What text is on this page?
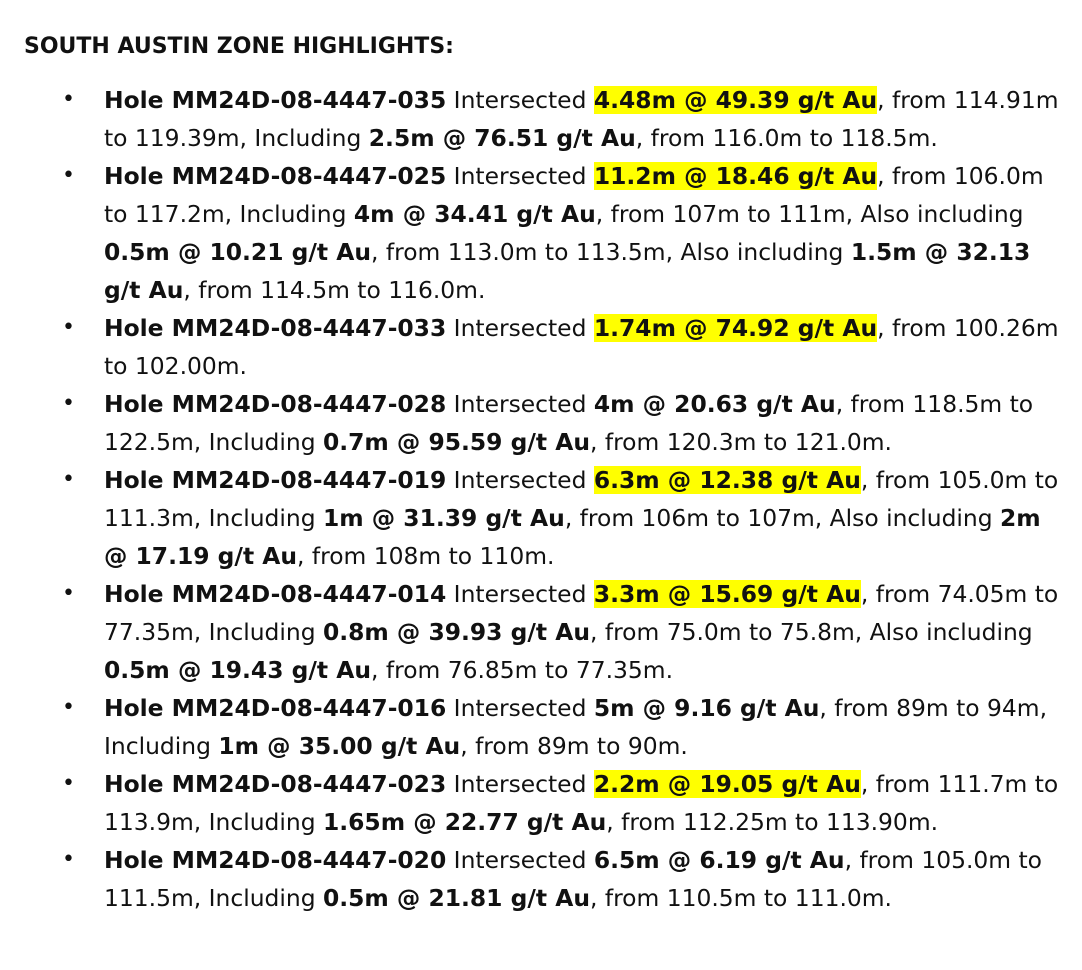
SOUTH AUSTIN ZONE HIGHLIGHTS:
• Hole MM24D-08-4447-035 Intersected 4.48m @ 49.39 g/t Au, from 114.91m to 119.39m, Including 2.5m @ 76.51 g/t Au, from 116.0m to 118.5m.
• Hole MM24D-08-4447-025 Intersected 11.2m @ 18.46 g/t Au, from 106.0m to 117.2m, Including 4m @ 34.41 g/t Au, from 107m to 111m, Also including 0.5m @ 10.21 g/t Au, from 113.0m to 113.5m, Also including 1.5m @ 32.13 g/t Au, from 114.5m to 116.0m.
• Hole MM24D-08-4447-033 Intersected 1.74m @ 74.92 g/t Au, from 100.26m to 102.00m.
• Hole MM24D-08-4447-028 Intersected 4m @ 20.63 g/t Au, from 118.5m to 122.5m, Including 0.7m @ 95.59 g/t Au, from 120.3m to 121.0m.
• Hole MM24D-08-4447-019 Intersected 6.3m @ 12.38 g/t Au, from 105.0m to 111.3m, Including 1m @ 31.39 g/t Au, from 106m to 107m, Also including 2m @ 17.19 g/t Au, from 108m to 110m.
• Hole MM24D-08-4447-014 Intersected 3.3m @ 15.69 g/t Au, from 74.05m to 77.35m, Including 0.8m @ 39.93 g/t Au, from 75.0m to 75.8m, Also including 0.5m @ 19.43 g/t Au, from 76.85m to 77.35m.
• Hole MM24D-08-4447-016 Intersected 5m @ 9.16 g/t Au, from 89m to 94m, Including 1m @ 35.00 g/t Au, from 89m to 90m.
• Hole MM24D-08-4447-023 Intersected 2.2m @ 19.05 g/t Au, from 111.7m to 113.9m, Including 1.65m @ 22.77 g/t Au, from 112.25m to 113.90m.
• Hole MM24D-08-4447-020 Intersected 6.5m @ 6.19 g/t Au, from 105.0m to 111.5m, Including 0.5m @ 21.81 g/t Au, from 110.5m to 111.0m.
